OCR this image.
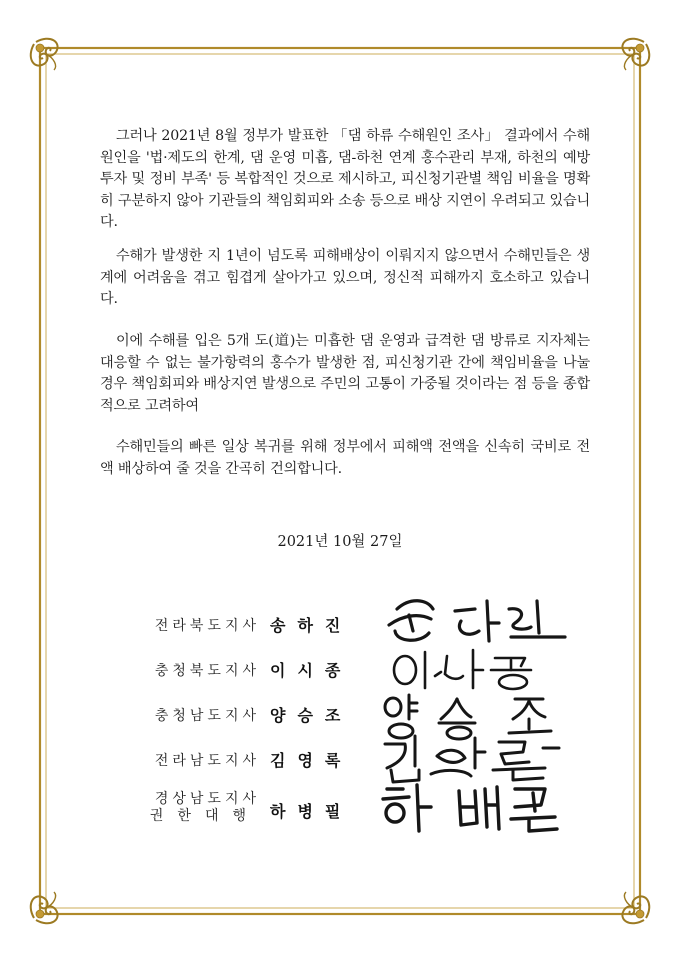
그러나 2021년 8월 정부가 발표한 「댐 하류 수해원인 조사」 결과에서 수해 원인을 '법·제도의 한계, 댐 운영 미흡, 댐-하천 연계 홍수관리 부재, 하천의 예방투자 및 정비 부족' 등 복합적인 것으로 제시하고, 피신청기관별 책임 비율을 명확히 구분하지 않아 기관들의 책임회피와 소송 등으로 배상 지연이 우려되고 있습니다.

수해가 발생한 지 1년이 넘도록 피해배상이 이뤄지지 않으면서 수해민들은 생계에 어려움을 겪고 힘겹게 살아가고 있으며, 정신적 피해까지 호소하고 있습니다.

이에 수해를 입은 5개 도(道)는 미흡한 댐 운영과 급격한 댐 방류로 지자체는 대응할 수 없는 불가항력의 홍수가 발생한 점, 피신청기관 간에 책임비율을 나눌 경우 책임회피와 배상지연 발생으로 주민의 고통이 가중될 것이라는 점 등을 종합적으로 고려하여

수해민들의 빠른 일상 복귀를 위해 정부에서 피해액 전액을 신속히 국비로 전액 배상하여 줄 것을 간곡히 건의합니다.

2021년 10월 27일
전라북도지사 송하진
충청북도지사 이시종
충청남도지사 양승조
전라남도지사 김영록
경상남도지사
권한대행 하병필
